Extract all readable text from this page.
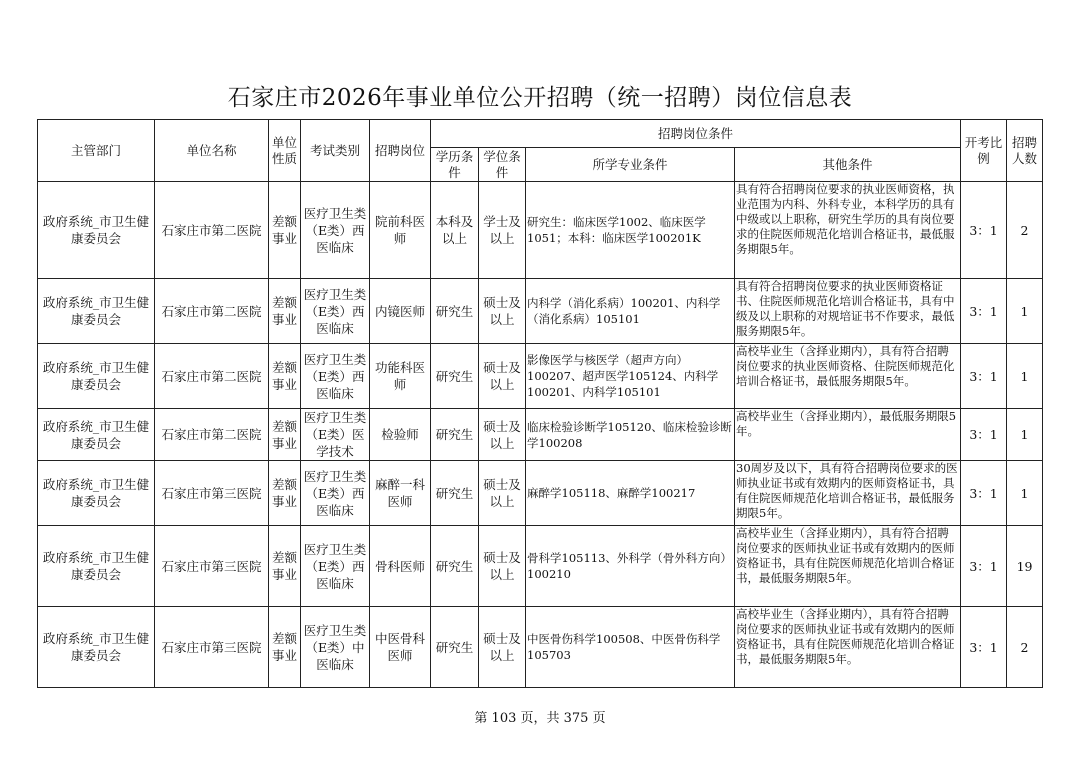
石家庄市2026年事业单位公开招聘（统一招聘）岗位信息表
主管部门	单位名称	单位性质	考试类别	招聘岗位	招聘岗位条件				开考比例	招聘人数
					学历条件	学位条件	所学专业条件	其他条件		
政府系统_市卫生健康委员会	石家庄市第二医院	差额事业	医疗卫生类（E类）西医临床	院前科医师	本科及以上	学士及以上	研究生：临床医学1002、临床医学1051；本科：临床医学100201K	具有符合招聘岗位要求的执业医师资格，执业范围为内科、外科专业，本科学历的具有中级或以上职称，研究生学历的具有岗位要求的住院医师规范化培训合格证书，最低服务期限5年。	3：1	2
政府系统_市卫生健康委员会	石家庄市第二医院	差额事业	医疗卫生类（E类）西医临床	内镜医师	研究生	硕士及以上	内科学（消化系病）100201、内科学（消化系病）105101	具有符合招聘岗位要求的执业医师资格证书、住院医师规范化培训合格证书，具有中级及以上职称的对规培证书不作要求，最低服务期限5年。	3：1	1
政府系统_市卫生健康委员会	石家庄市第二医院	差额事业	医疗卫生类（E类）西医临床	功能科医师	研究生	硕士及以上	影像医学与核医学（超声方向）100207、超声医学105124、内科学100201、内科学105101	高校毕业生（含择业期内），具有符合招聘岗位要求的执业医师资格、住院医师规范化培训合格证书，最低服务期限5年。	3：1	1
政府系统_市卫生健康委员会	石家庄市第二医院	差额事业	医疗卫生类（E类）医学技术	检验师	研究生	硕士及以上	临床检验诊断学105120、临床检验诊断学100208	高校毕业生（含择业期内），最低服务期限5年。	3：1	1
政府系统_市卫生健康委员会	石家庄市第三医院	差额事业	医疗卫生类（E类）西医临床	麻醉一科医师	研究生	硕士及以上	麻醉学105118、麻醉学100217	30周岁及以下，具有符合招聘岗位要求的医师执业证书或有效期内的医师资格证书，具有住院医师规范化培训合格证书，最低服务期限5年。	3：1	1
政府系统_市卫生健康委员会	石家庄市第三医院	差额事业	医疗卫生类（E类）西医临床	骨科医师	研究生	硕士及以上	骨科学105113、外科学（骨外科方向）100210	高校毕业生（含择业期内），具有符合招聘岗位要求的医师执业证书或有效期内的医师资格证书，具有住院医师规范化培训合格证书，最低服务期限5年。	3：1	19
政府系统_市卫生健康委员会	石家庄市第三医院	差额事业	医疗卫生类（E类）中医临床	中医骨科医师	研究生	硕士及以上	中医骨伤科学100508、中医骨伤科学105703	高校毕业生（含择业期内），具有符合招聘岗位要求的医师执业证书或有效期内的医师资格证书，具有住院医师规范化培训合格证书，最低服务期限5年。	3：1	2
第 103 页，共 375 页
